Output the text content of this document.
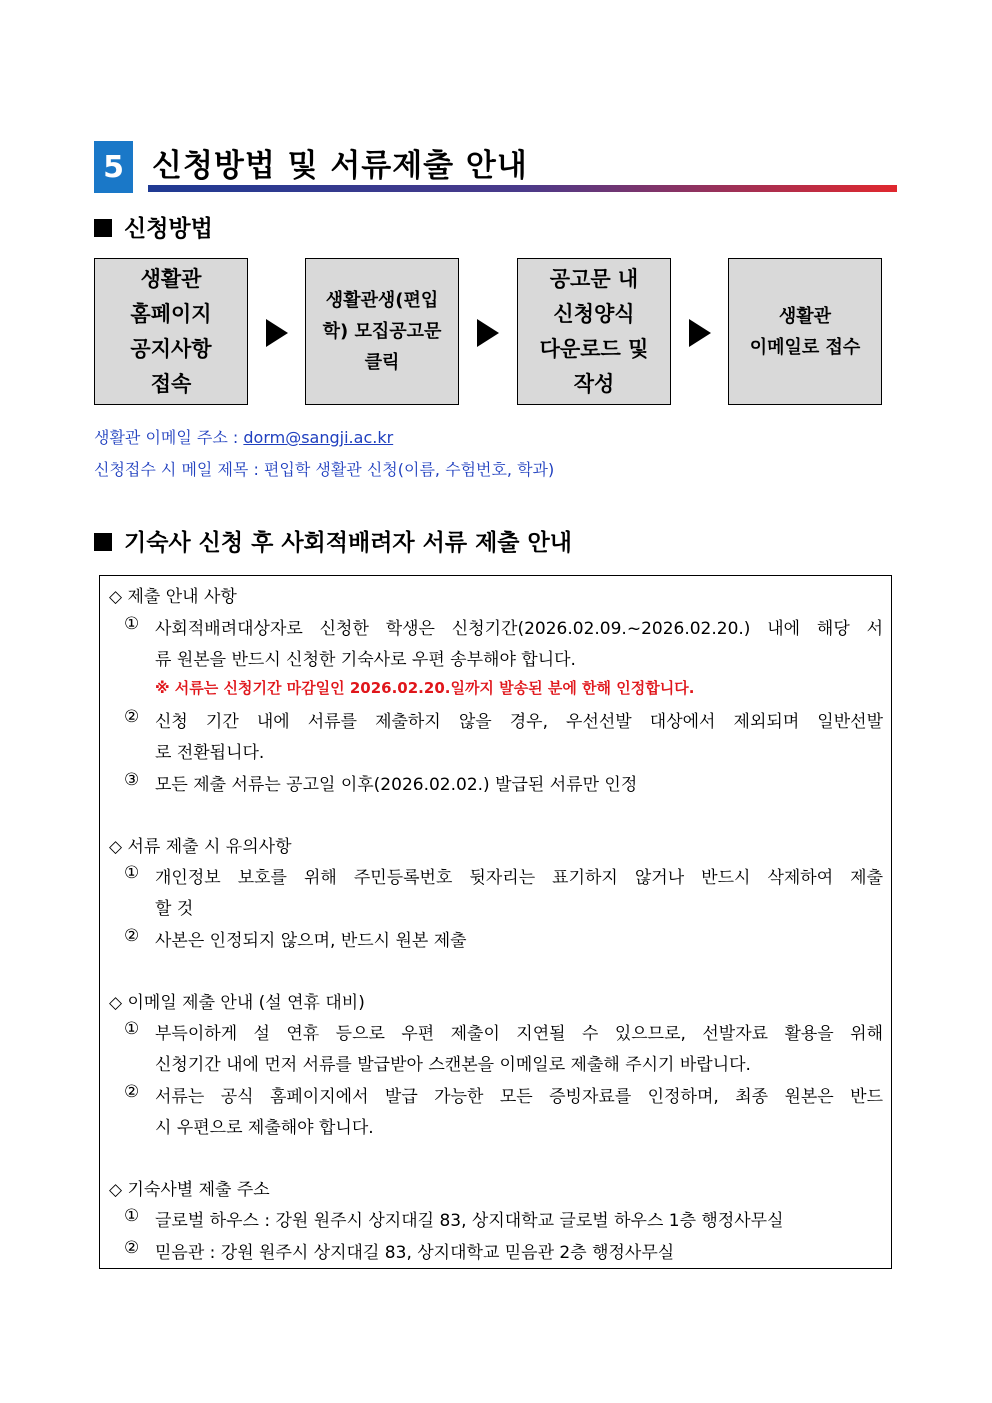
5 신청방법 및 서류제출 안내
신청방법
생활관
홈페이지
공지사항
접속
생활관생(편입
학) 모집공고문
클릭
공고문 내
신청양식
다운로드 및
작성
생활관
이메일로 접수
생활관 이메일 주소 : dorm@sangji.ac.kr
신청접수 시 메일 제목 : 편입학 생활관 신청(이름, 수험번호, 학과)
기숙사 신청 후 사회적배려자 서류 제출 안내
◇ 제출 안내 사항
① 사회적배려대상자로 신청한 학생은 신청기간(2026.02.09.~2026.02.20.) 내에 해당 서
류 원본을 반드시 신청한 기숙사로 우편 송부해야 합니다.
※ 서류는 신청기간 마감일인 2026.02.20.일까지 발송된 분에 한해 인정합니다.
② 신청 기간 내에 서류를 제출하지 않을 경우, 우선선발 대상에서 제외되며 일반선발
로 전환됩니다.
③ 모든 제출 서류는 공고일 이후(2026.02.02.) 발급된 서류만 인정
◇ 서류 제출 시 유의사항
① 개인정보 보호를 위해 주민등록번호 뒷자리는 표기하지 않거나 반드시 삭제하여 제출
할 것
② 사본은 인정되지 않으며, 반드시 원본 제출
◇ 이메일 제출 안내 (설 연휴 대비)
① 부득이하게 설 연휴 등으로 우편 제출이 지연될 수 있으므로, 선발자료 활용을 위해
신청기간 내에 먼저 서류를 발급받아 스캔본을 이메일로 제출해 주시기 바랍니다.
② 서류는 공식 홈페이지에서 발급 가능한 모든 증빙자료를 인정하며, 최종 원본은 반드
시 우편으로 제출해야 합니다.
◇ 기숙사별 제출 주소
① 글로벌 하우스 : 강원 원주시 상지대길 83, 상지대학교 글로벌 하우스 1층 행정사무실
② 믿음관 : 강원 원주시 상지대길 83, 상지대학교 믿음관 2층 행정사무실
